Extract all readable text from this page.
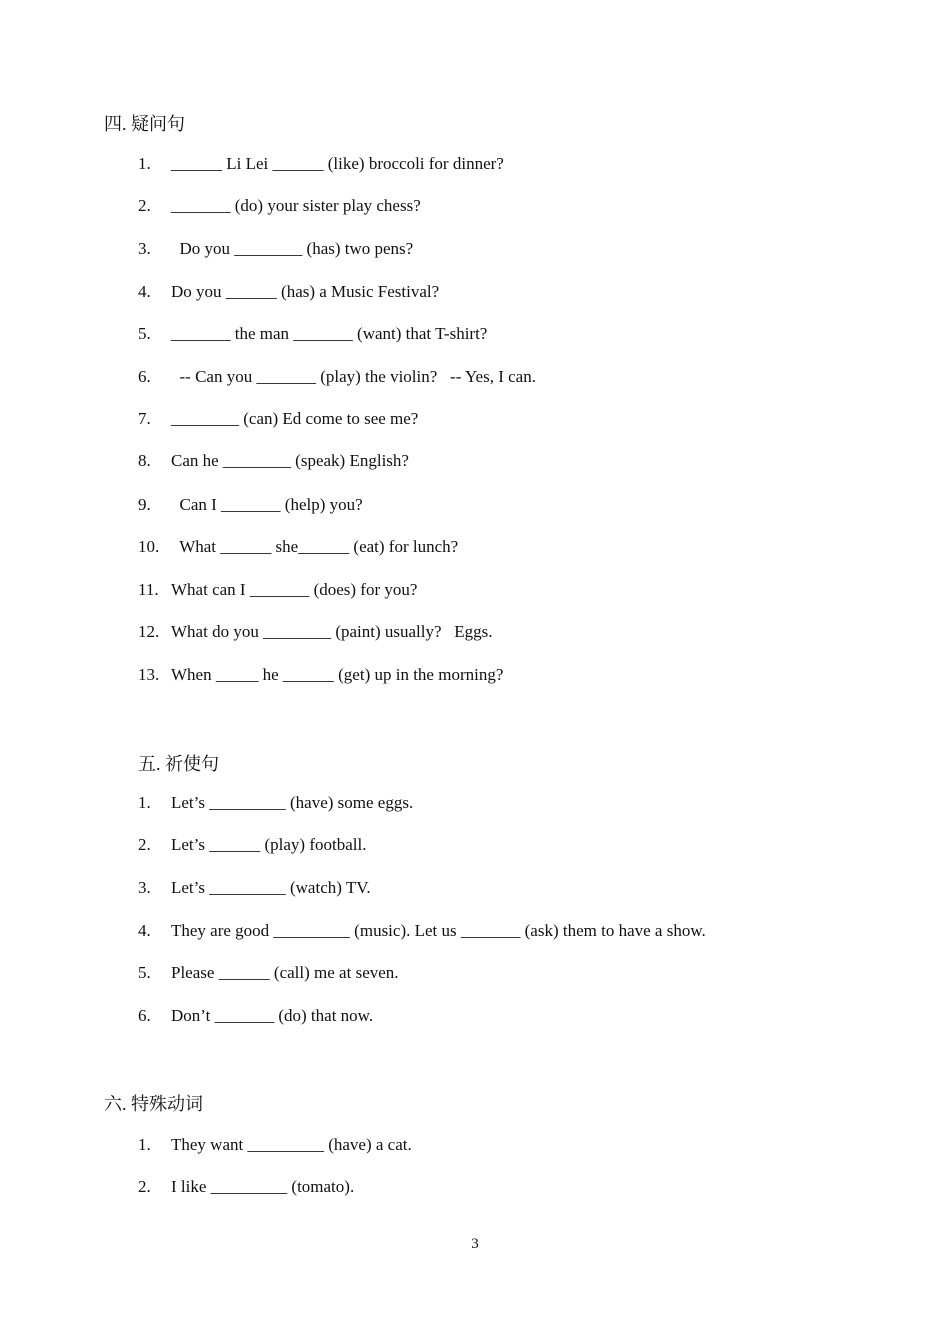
四. 疑问句
1. ______ Li Lei ______ (like) broccoli for dinner?
2. _______ (do) your sister play chess?
3.  Do you ________ (has) two pens?
4. Do you ______ (has) a Music Festival?
5. _______ the man _______ (want) that T-shirt?
6.  -- Can you _______ (play) the violin?   -- Yes, I can.
7. ________ (can) Ed come to see me?
8. Can he ________ (speak) English?
9.  Can I _______ (help) you?
10.  What ______ she______ (eat) for lunch?
11. What can I _______ (does) for you?
12. What do you ________ (paint) usually?   Eggs.
13. When _____ he ______ (get) up in the morning?
五. 祈使句
1. Let’s _________ (have) some eggs.
2. Let’s ______ (play) football.
3. Let’s _________ (watch) TV.
4. They are good _________ (music). Let us _______ (ask) them to have a show.
5. Please ______ (call) me at seven.
6. Don’t _______ (do) that now.
六. 特殊动词
1. They want _________ (have) a cat.
2. I like _________ (tomato).
3
